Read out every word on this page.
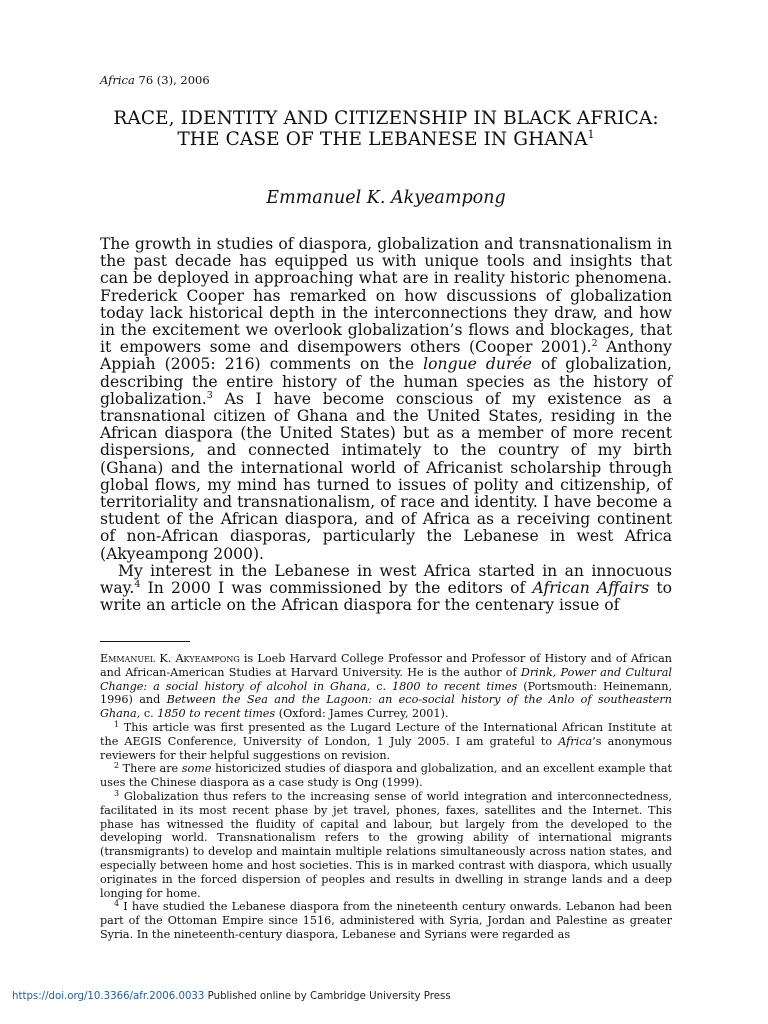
Africa 76 (3), 2006
RACE, IDENTITY AND CITIZENSHIP IN BLACK AFRICA: THE CASE OF THE LEBANESE IN GHANA$^1$
Emmanuel K. Akyeampong

The growth in studies of diaspora, globalization and transnationalism in the past decade has equipped us with unique tools and insights that can be deployed in approaching what are in reality historic phenomena. Frederick Cooper has remarked on how discussions of globalization today lack historical depth in the interconnections they draw, and how in the excitement we overlook globalization’s flows and blockages, that it empowers some and disempowers others (Cooper 2001).$^2$ Anthony Appiah (2005: 216) comments on the longue durée of globalization, describing the entire history of the human species as the history of globalization.$^3$ As I have become conscious of my existence as a transnational citizen of Ghana and the United States, residing in the African diaspora (the United States) but as a member of more recent dispersions, and connected intimately to the country of my birth (Ghana) and the international world of Africanist scholarship through global flows, my mind has turned to issues of polity and citizenship, of territoriality and transnationalism, of race and identity. I have become a student of the African diaspora, and of Africa as a receiving continent of non-African diasporas, particularly the Lebanese in west Africa (Akyeampong 2000).

My interest in the Lebanese in west Africa started in an innocuous way.$^4$ In 2000 I was commissioned by the editors of African Affairs to write an article on the African diaspora for the centenary issue of

Emmanuel K. Akyeampong is Loeb Harvard College Professor and Professor of History and of African and African-American Studies at Harvard University. He is the author of Drink, Power and Cultural Change: a social history of alcohol in Ghana, c. 1800 to recent times (Portsmouth: Heinemann, 1996) and Between the Sea and the Lagoon: an eco-social history of the Anlo of southeastern Ghana, c. 1850 to recent times (Oxford: James Currey, 2001).

$^1$ This article was first presented as the Lugard Lecture of the International African Institute at the AEGIS Conference, University of London, 1 July 2005. I am grateful to Africa’s anonymous reviewers for their helpful suggestions on revision.

$^2$ There are some historicized studies of diaspora and globalization, and an excellent example that uses the Chinese diaspora as a case study is Ong (1999).

$^3$ Globalization thus refers to the increasing sense of world integration and interconnectedness, facilitated in its most recent phase by jet travel, phones, faxes, satellites and the Internet. This phase has witnessed the fluidity of capital and labour, but largely from the developed to the developing world. Transnationalism refers to the growing ability of international migrants (transmigrants) to develop and maintain multiple relations simultaneously across nation states, and especially between home and host societies. This is in marked contrast with diaspora, which usually originates in the forced dispersion of peoples and results in dwelling in strange lands and a deep longing for home.

$^4$ I have studied the Lebanese diaspora from the nineteenth century onwards. Lebanon had been part of the Ottoman Empire since 1516, administered with Syria, Jordan and Palestine as greater Syria. In the nineteenth-century diaspora, Lebanese and Syrians were regarded as

https://doi.org/10.3366/afr.2006.0033 Published online by Cambridge University Press
